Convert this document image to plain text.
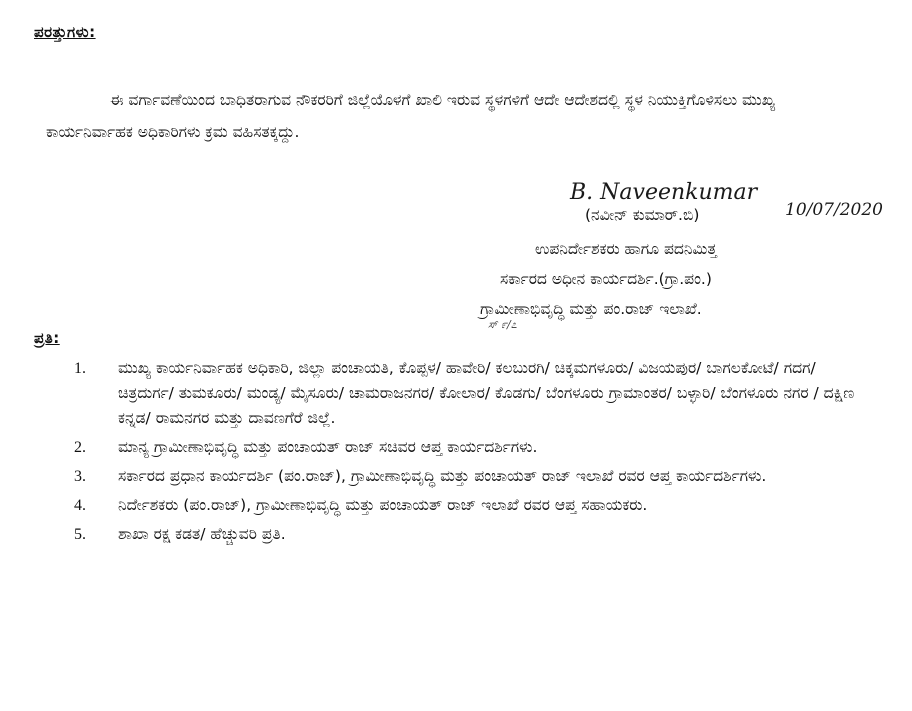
ಪರತ್ತುಗಳು:
ಈ ವರ್ಗಾವಣೆಯಿಂದ ಬಾಧಿತರಾಗುವ ನೌಕರರಿಗೆ ಜಿಲ್ಲೆಯೊಳಗೆ ಖಾಲಿ ಇರುವ ಸ್ಥಳಗಳಿಗೆ ಆದೇ ಆದೇಶದಲ್ಲಿ ಸ್ಥಳ ನಿಯುಕ್ತಿಗೊಳಿಸಲು ಮುಖ್ಯ ಕಾರ್ಯನಿರ್ವಾಹಕ ಅಧಿಕಾರಿಗಳು ಕ್ರಮ ವಹಿಸತಕ್ಕದ್ದು.
B. Naveenkumar
10/07/2020
(ನವೀನ್ ಕುಮಾರ್.ಬಿ)
ಉಪನಿರ್ದೇಶಕರು ಹಾಗೂ ಪದನಿಮಿತ್ತ
ಸರ್ಕಾರದ ಅಧೀನ ಕಾರ್ಯದರ್ಶಿ.(ಗ್ರಾ.ಪಂ.)
ಗ್ರಾಮೀಣಾಭಿವೃದ್ಧಿ ಮತ್ತು ಪಂ.ರಾಜ್ ಇಲಾಖೆ.
ಸ್ ೯/೭
ಪ್ರತಿ:
1. ಮುಖ್ಯ ಕಾರ್ಯನಿರ್ವಾಹಕ ಅಧಿಕಾರಿ, ಜಿಲ್ಲಾ ಪಂಚಾಯತಿ, ಕೊಪ್ಪಳ/ ಹಾವೇರಿ/ ಕಲಬುರಗಿ/ ಚಿಕ್ಕಮಗಳೂರು/ ವಿಜಯಪುರ/ ಬಾಗಲಕೋಟೆ/ ಗದಗ/ ಚಿತ್ರದುರ್ಗ/ ತುಮಕೂರು/ ಮಂಡ್ಯ/ ಮೈಸೂರು/ ಚಾಮರಾಜನಗರ/ ಕೋಲಾರ/ ಕೊಡಗು/ ಬೆಂಗಳೂರು ಗ್ರಾಮಾಂತರ/ ಬಳ್ಳಾರಿ/ ಬೆಂಗಳೂರು ನಗರ / ದಕ್ಷಿಣ ಕನ್ನಡ/ ರಾಮನಗರ ಮತ್ತು ದಾವಣಗೆರೆ ಜಿಲ್ಲೆ.
2. ಮಾನ್ಯ ಗ್ರಾಮೀಣಾಭಿವೃದ್ಧಿ ಮತ್ತು ಪಂಚಾಯತ್ ರಾಜ್ ಸಚಿವರ ಆಪ್ತ ಕಾರ್ಯದರ್ಶಿಗಳು.
3. ಸರ್ಕಾರದ ಪ್ರಧಾನ ಕಾರ್ಯದರ್ಶಿ (ಪಂ.ರಾಜ್), ಗ್ರಾಮೀಣಾಭಿವೃದ್ಧಿ ಮತ್ತು ಪಂಚಾಯತ್ ರಾಜ್ ಇಲಾಖೆ ರವರ ಆಪ್ತ ಕಾರ್ಯದರ್ಶಿಗಳು.
4. ನಿರ್ದೇಶಕರು (ಪಂ.ರಾಜ್), ಗ್ರಾಮೀಣಾಭಿವೃದ್ಧಿ ಮತ್ತು ಪಂಚಾಯತ್ ರಾಜ್ ಇಲಾಖೆ ರವರ ಆಪ್ತ ಸಹಾಯಕರು.
5. ಶಾಖಾ ರಕ್ಷ ಕಡತ/ ಹೆಚ್ಚುವರಿ ಪ್ರತಿ.
